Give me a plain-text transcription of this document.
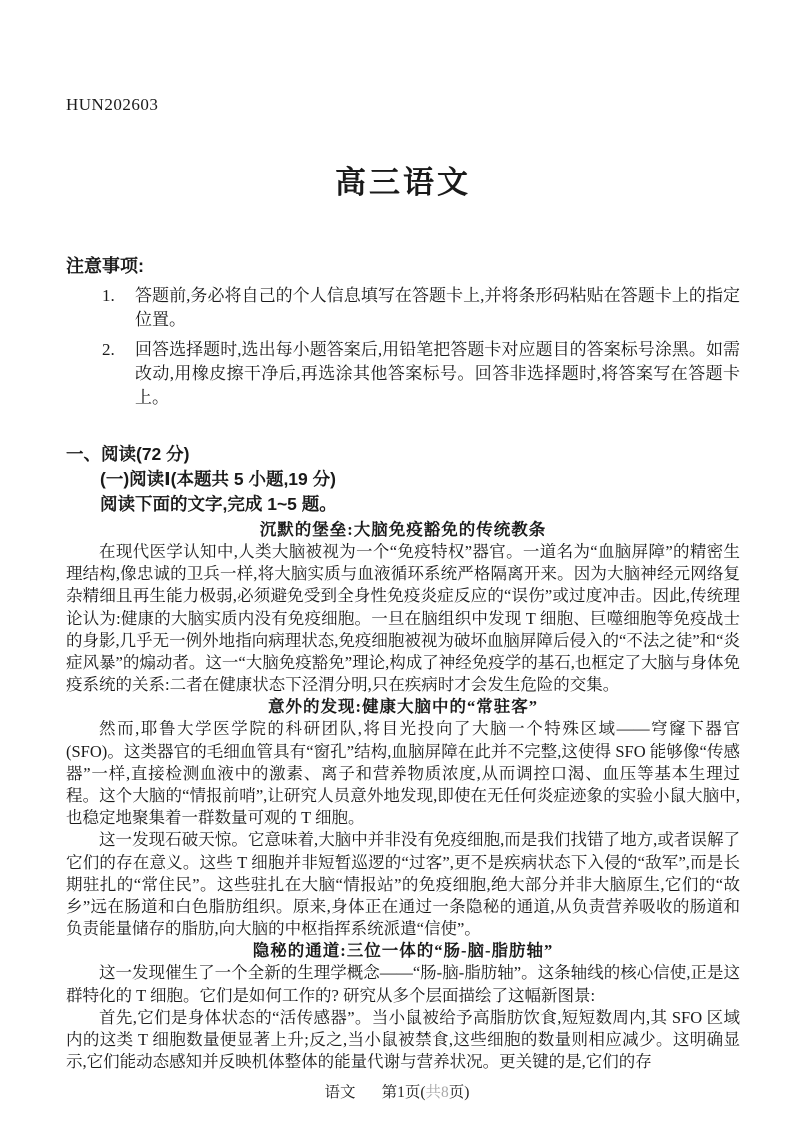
HUN202603
高三语文
注意事项:
1. 答题前,务必将自己的个人信息填写在答题卡上,并将条形码粘贴在答题卡上的指定位置。
2. 回答选择题时,选出每小题答案后,用铅笔把答题卡对应题目的答案标号涂黑。如需改动,用橡皮擦干净后,再选涂其他答案标号。回答非选择题时,将答案写在答题卡上。
一、阅读(72 分)
(一)阅读Ⅰ(本题共 5 小题,19 分)
阅读下面的文字,完成 1~5 题。
沉默的堡垒:大脑免疫豁免的传统教条

在现代医学认知中,人类大脑被视为一个“免疫特权”器官。一道名为“血脑屏障”的精密生理结构,像忠诚的卫兵一样,将大脑实质与血液循环系统严格隔离开来。因为大脑神经元网络复杂精细且再生能力极弱,必须避免受到全身性免疫炎症反应的“误伤”或过度冲击。因此,传统理论认为:健康的大脑实质内没有免疫细胞。一旦在脑组织中发现 T 细胞、巨噬细胞等免疫战士的身影,几乎无一例外地指向病理状态,免疫细胞被视为破坏血脑屏障后侵入的“不法之徒”和“炎症风暴”的煽动者。这一“大脑免疫豁免”理论,构成了神经免疫学的基石,也框定了大脑与身体免疫系统的关系:二者在健康状态下泾渭分明,只在疾病时才会发生危险的交集。

意外的发现:健康大脑中的“常驻客”

然而,耶鲁大学医学院的科研团队,将目光投向了大脑一个特殊区域——穹窿下器官(SFO)。这类器官的毛细血管具有“窗孔”结构,血脑屏障在此并不完整,这使得 SFO 能够像“传感器”一样,直接检测血液中的激素、离子和营养物质浓度,从而调控口渴、血压等基本生理过程。这个大脑的“情报前哨”,让研究人员意外地发现,即使在无任何炎症迹象的实验小鼠大脑中,也稳定地聚集着一群数量可观的 T 细胞。

这一发现石破天惊。它意味着,大脑中并非没有免疫细胞,而是我们找错了地方,或者误解了它们的存在意义。这些 T 细胞并非短暂巡逻的“过客”,更不是疾病状态下入侵的“敌军”,而是长期驻扎的“常住民”。这些驻扎在大脑“情报站”的免疫细胞,绝大部分并非大脑原生,它们的“故乡”远在肠道和白色脂肪组织。原来,身体正在通过一条隐秘的通道,从负责营养吸收的肠道和负责能量储存的脂肪,向大脑的中枢指挥系统派遣“信使”。

隐秘的通道:三位一体的“肠-脑-脂肪轴”

这一发现催生了一个全新的生理学概念——“肠-脑-脂肪轴”。这条轴线的核心信使,正是这群特化的 T 细胞。它们是如何工作的? 研究从多个层面描绘了这幅新图景:

首先,它们是身体状态的“活传感器”。当小鼠被给予高脂肪饮食,短短数周内,其 SFO 区域内的这类 T 细胞数量便显著上升;反之,当小鼠被禁食,这些细胞的数量则相应减少。这明确显示,它们能动态感知并反映机体整体的能量代谢与营养状况。更关键的是,它们的存

语文 第1页(共8页)
